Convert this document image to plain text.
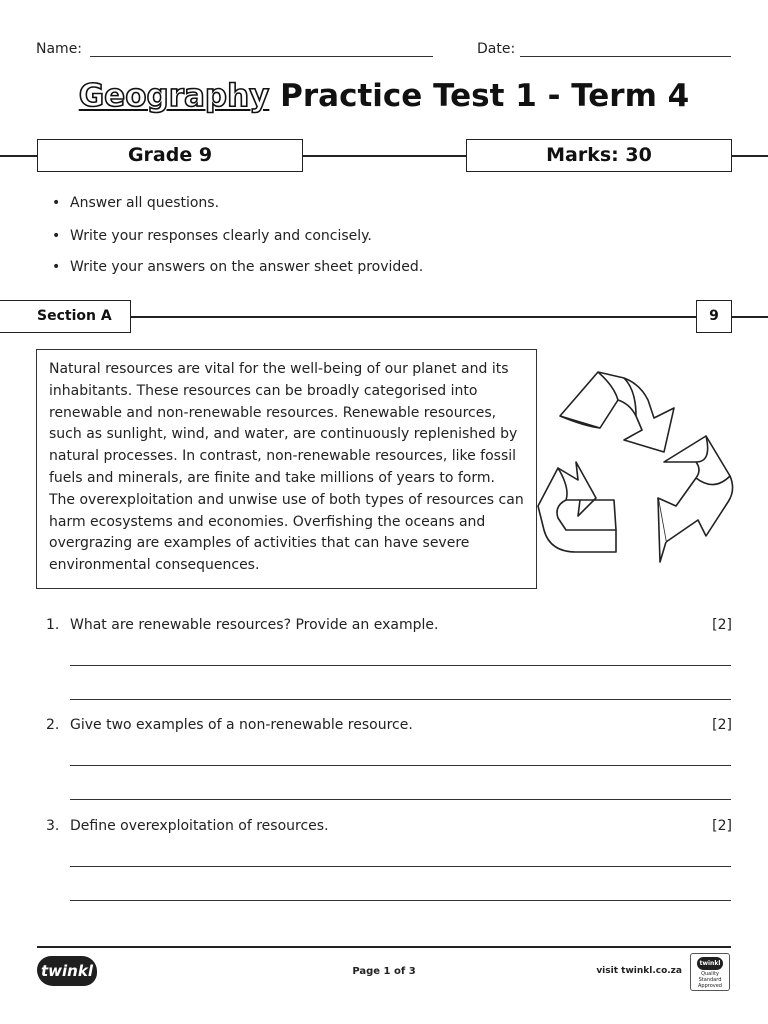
Name:	Date:
Geography Practice Test 1 - Term 4
Grade 9	Marks: 30
• Answer all questions.
• Write your responses clearly and concisely.
• Write your answers on the answer sheet provided.
Section A	9
Natural resources are vital for the well-being of our planet and its inhabitants. These resources can be broadly categorised into renewable and non-renewable resources. Renewable resources, such as sunlight, wind, and water, are continuously replenished by natural processes. In contrast, non-renewable resources, like fossil fuels and minerals, are finite and take millions of years to form. The overexploitation and unwise use of both types of resources can harm ecosystems and economies. Overfishing the oceans and overgrazing are examples of activities that can have severe environmental consequences.
1. What are renewable resources? Provide an example.	[2]
2. Give two examples of a non-renewable resource.	[2]
3. Define overexploitation of resources.	[2]
twinkl	Page 1 of 3	visit twinkl.co.za
twinkl
Quality Standard Approved
